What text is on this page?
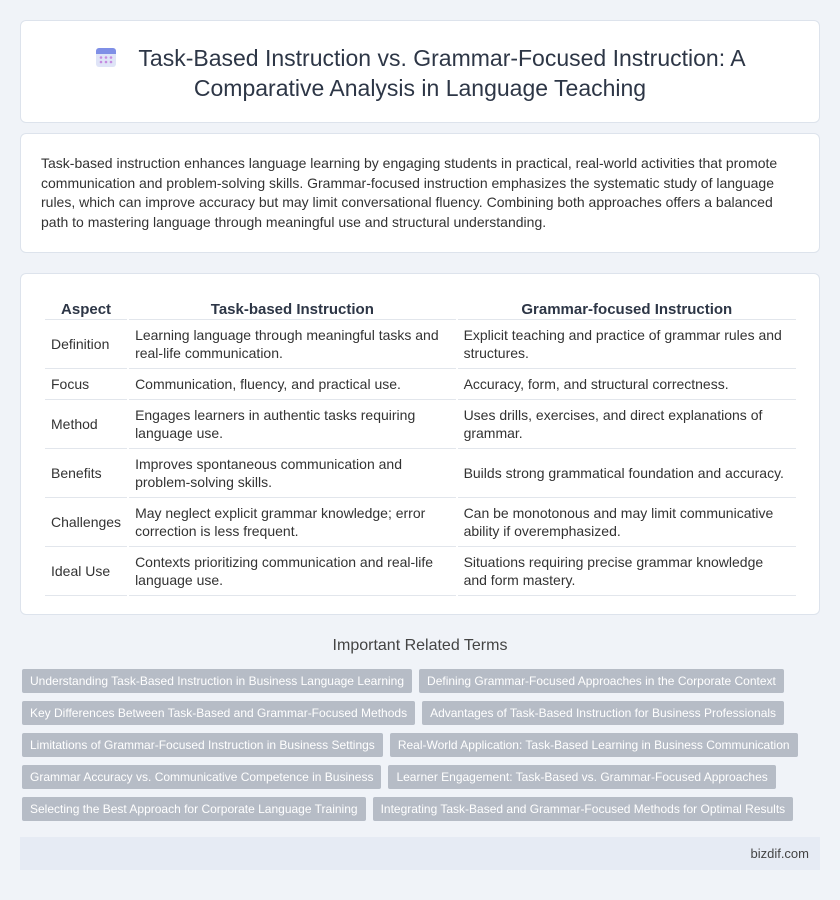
Task-Based Instruction vs. Grammar-Focused Instruction: A Comparative Analysis in Language Teaching

Task-based instruction enhances language learning by engaging students in practical, real-world activities that promote communication and problem-solving skills. Grammar-focused instruction emphasizes the systematic study of language rules, which can improve accuracy but may limit conversational fluency. Combining both approaches offers a balanced path to mastering language through meaningful use and structural understanding.

Aspect	Task-based Instruction	Grammar-focused Instruction
Definition	Learning language through meaningful tasks and real-life communication.	Explicit teaching and practice of grammar rules and structures.
Focus	Communication, fluency, and practical use.	Accuracy, form, and structural correctness.
Method	Engages learners in authentic tasks requiring language use.	Uses drills, exercises, and direct explanations of grammar.
Benefits	Improves spontaneous communication and problem-solving skills.	Builds strong grammatical foundation and accuracy.
Challenges	May neglect explicit grammar knowledge; error correction is less frequent.	Can be monotonous and may limit communicative ability if overemphasized.
Ideal Use	Contexts prioritizing communication and real-life language use.	Situations requiring precise grammar knowledge and form mastery.
Important Related Terms
Understanding Task-Based Instruction in Business Language Learning	Defining Grammar-Focused Approaches in the Corporate Context
Key Differences Between Task-Based and Grammar-Focused Methods	Advantages of Task-Based Instruction for Business Professionals
Limitations of Grammar-Focused Instruction in Business Settings	Real-World Application: Task-Based Learning in Business Communication
Grammar Accuracy vs. Communicative Competence in Business	Learner Engagement: Task-Based vs. Grammar-Focused Approaches
Selecting the Best Approach for Corporate Language Training	Integrating Task-Based and Grammar-Focused Methods for Optimal Results
bizdif.com
